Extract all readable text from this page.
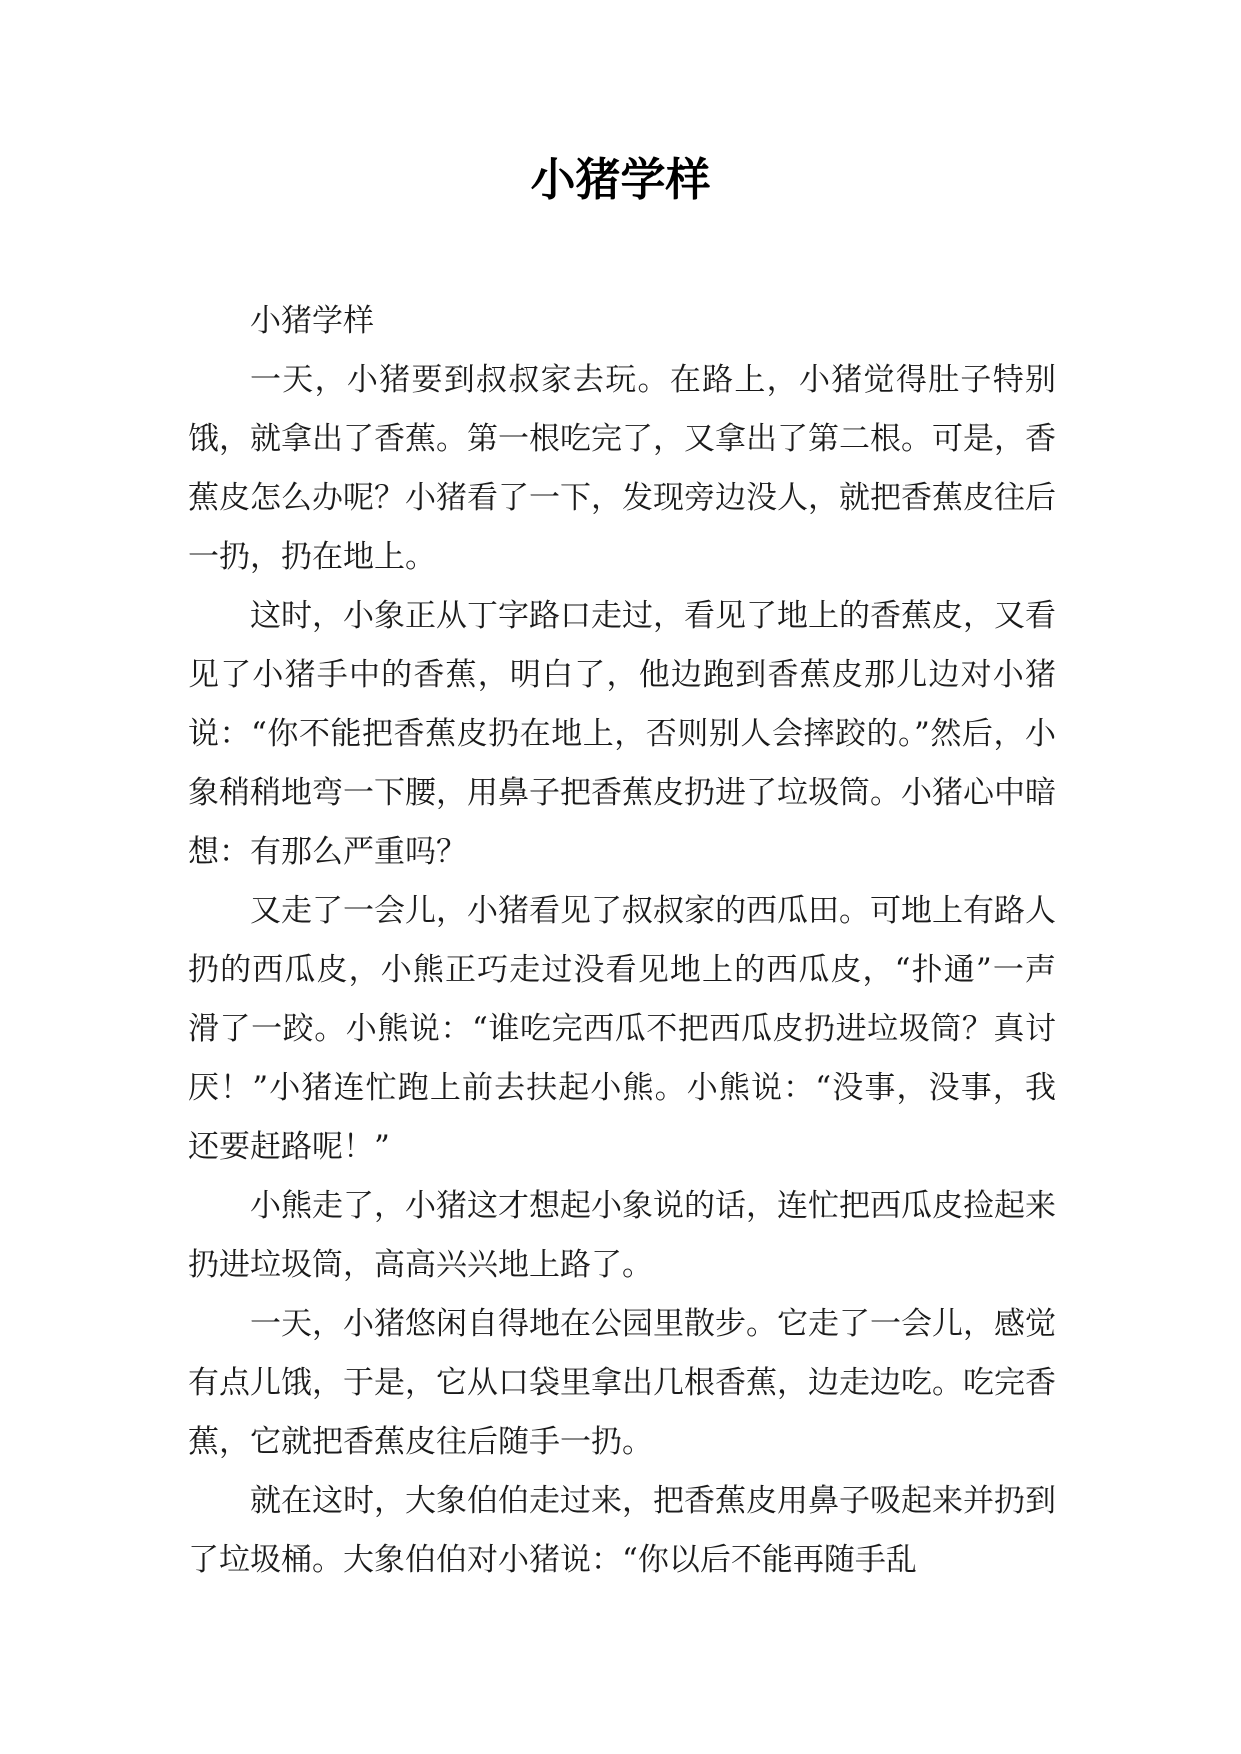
小猪学样

小猪学样

一天，小猪要到叔叔家去玩。在路上，小猪觉得肚子特别饿，就拿出了香蕉。第一根吃完了，又拿出了第二根。可是，香蕉皮怎么办呢？小猪看了一下，发现旁边没人，就把香蕉皮往后一扔，扔在地上。

这时，小象正从丁字路口走过，看见了地上的香蕉皮，又看见了小猪手中的香蕉，明白了，他边跑到香蕉皮那儿边对小猪说：“你不能把香蕉皮扔在地上，否则别人会摔跤的。”然后，小象稍稍地弯一下腰，用鼻子把香蕉皮扔进了垃圾筒。小猪心中暗想：有那么严重吗？

又走了一会儿，小猪看见了叔叔家的西瓜田。可地上有路人扔的西瓜皮，小熊正巧走过没看见地上的西瓜皮，“扑通”一声滑了一跤。小熊说：“谁吃完西瓜不把西瓜皮扔进垃圾筒？真讨厌！”小猪连忙跑上前去扶起小熊。小熊说：“没事，没事，我还要赶路呢！”

小熊走了，小猪这才想起小象说的话，连忙把西瓜皮捡起来扔进垃圾筒，高高兴兴地上路了。

一天，小猪悠闲自得地在公园里散步。它走了一会儿，感觉有点儿饿，于是，它从口袋里拿出几根香蕉，边走边吃。吃完香蕉，它就把香蕉皮往后随手一扔。

就在这时，大象伯伯走过来，把香蕉皮用鼻子吸起来并扔到了垃圾桶。大象伯伯对小猪说：“你以后不能再随手乱
